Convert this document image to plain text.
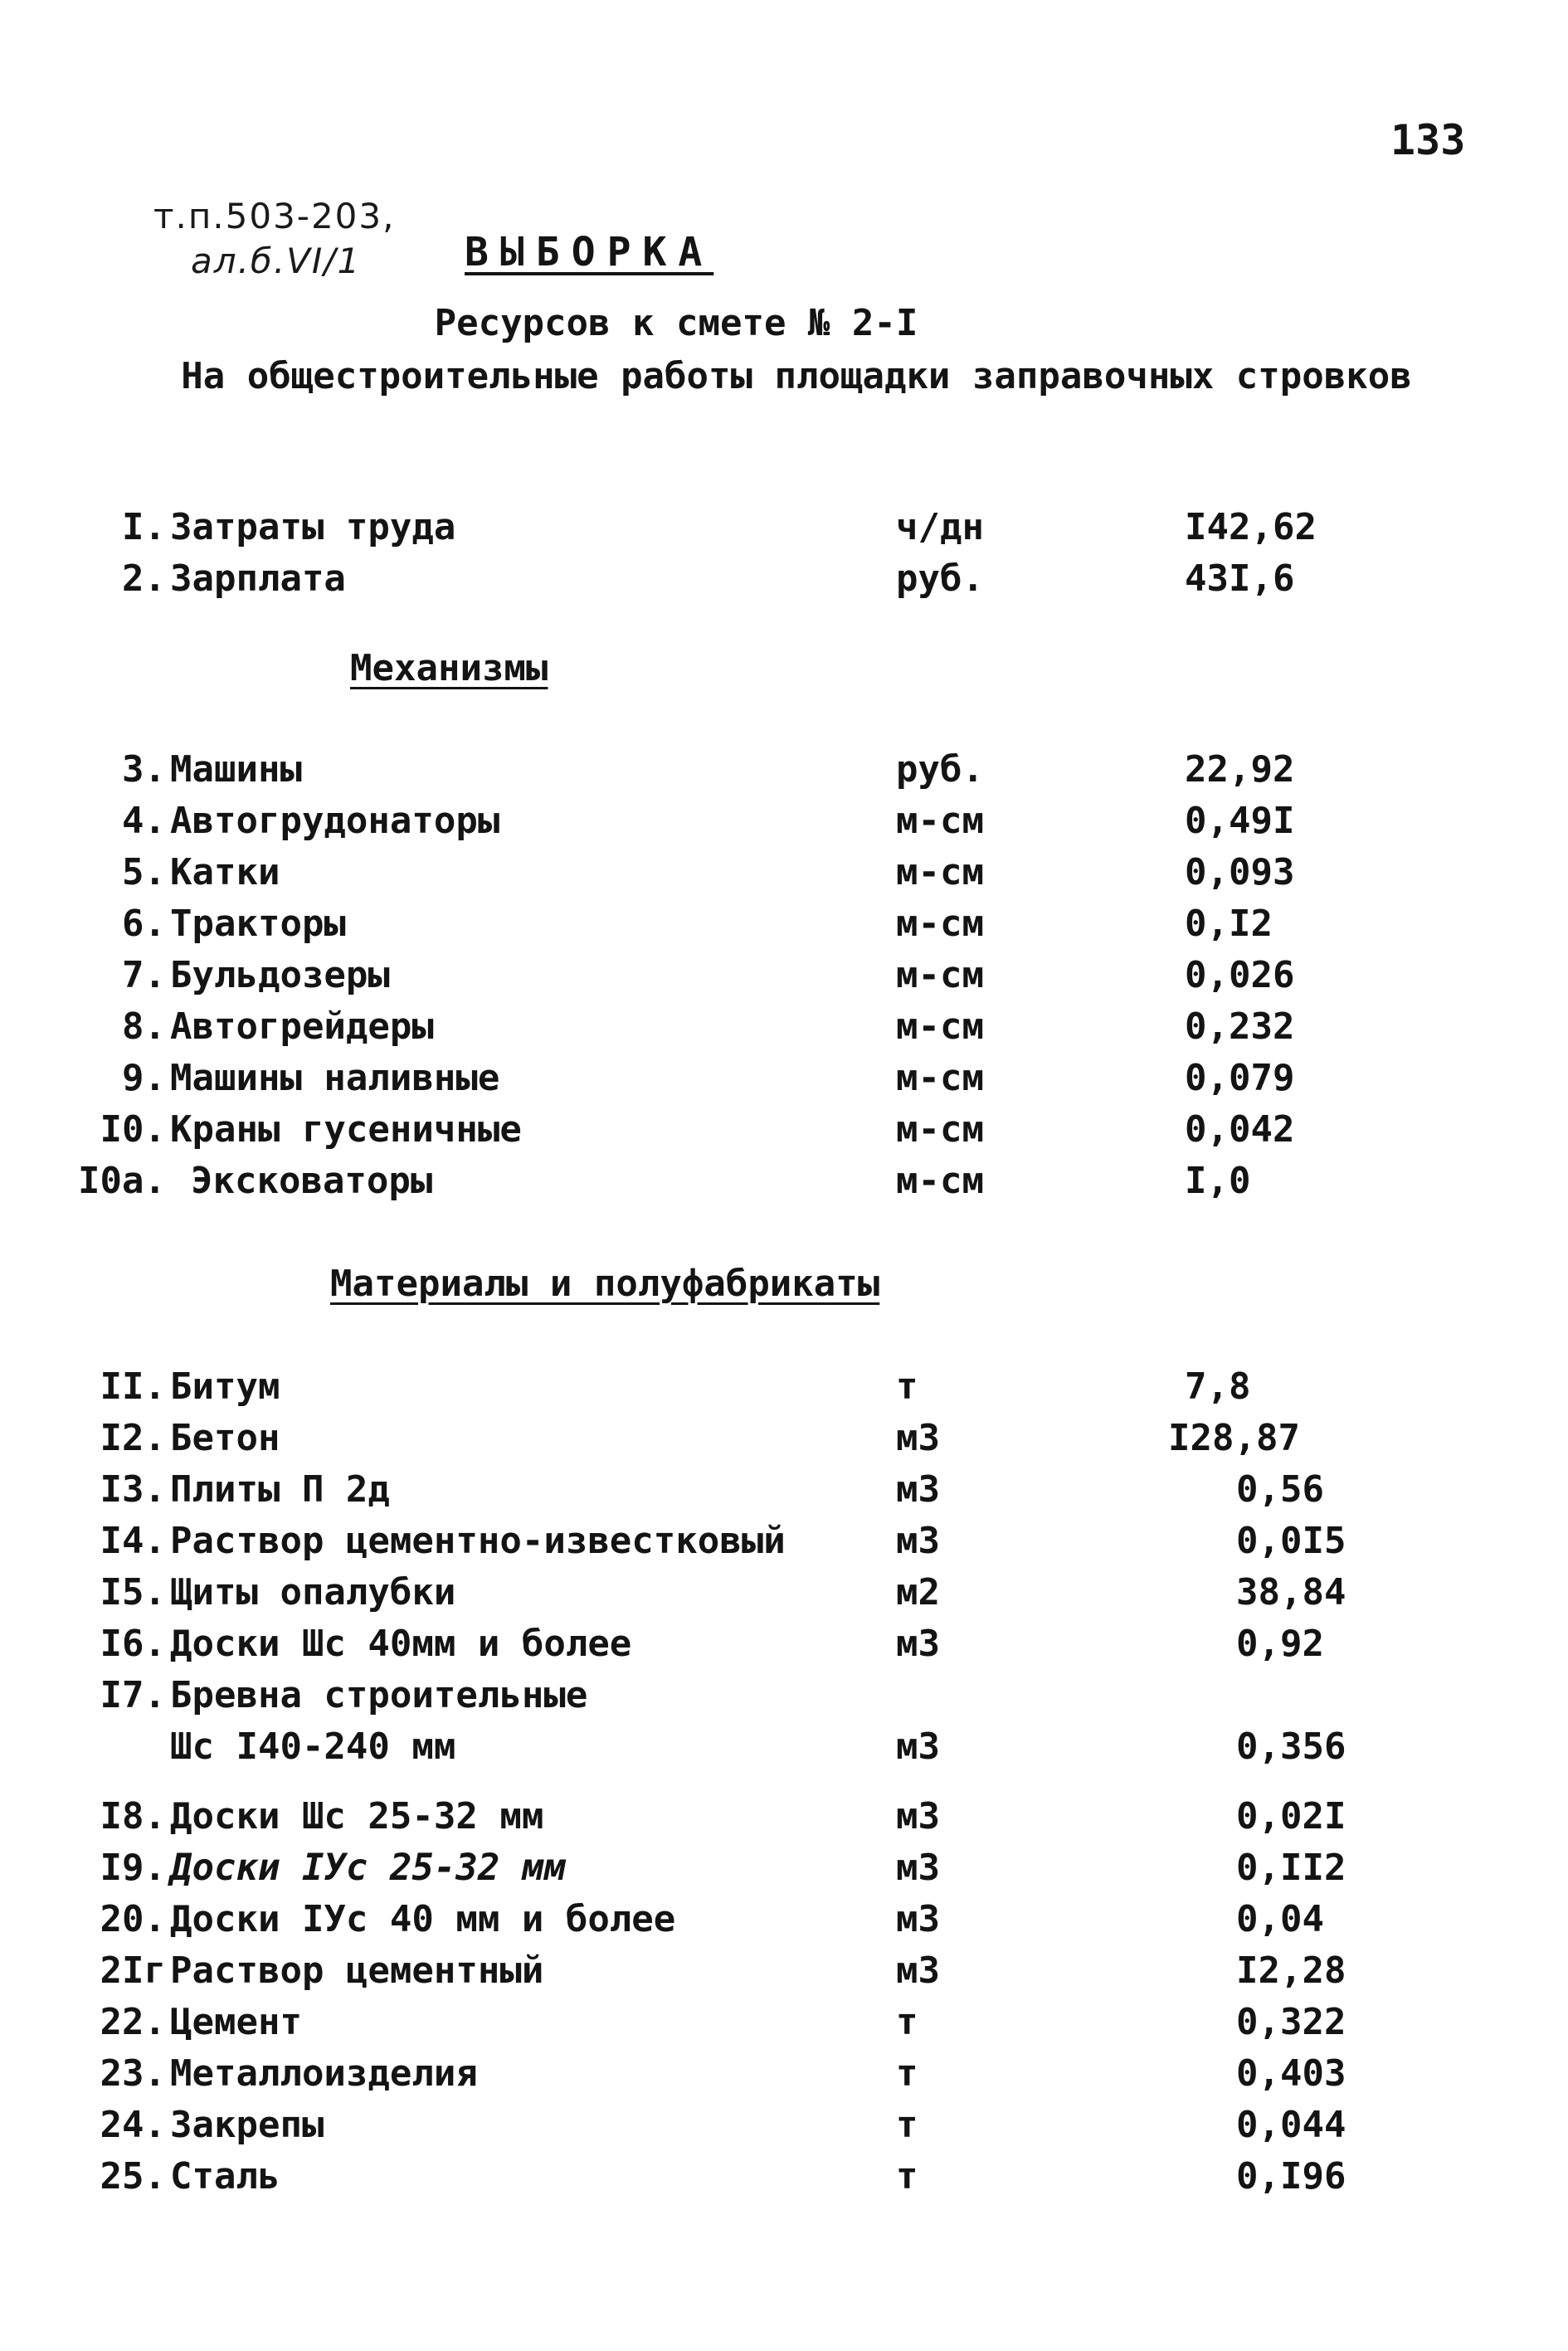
133
т.п.503-203,
ал.б.VI/1	ВЫБОРКА
Ресурсов к смете № 2-I
На общестроительные работы площадки заправочных стровков
I. Затраты труда	ч/дн	I42,62
2. Зарплата	руб.	43I,6
Механизмы
3. Машины	руб.	22,92
4. Автогрудонаторы	м-см	0,49I
5. Катки	м-см	0,093
6. Тракторы	м-см	0,I2
7. Бульдозеры	м-см	0,026
8. Автогрейдеры	м-см	0,232
9. Машины наливные	м-см	0,079
I0. Краны гусеничные	м-см	0,042
I0а. Эксковаторы	м-см	I,0
Материалы и полуфабрикаты
II. Битум	т	7,8
I2. Бетон	м3	I28,87
I3. Плиты П 2д	м3	0,56
I4. Раствор цементно-известковый	м3	0,0I5
I5. Щиты опалубки	м2	38,84
I6. Доски Шс 40мм и более	м3	0,92
I7. Бревна строительные
Шс I40-240 мм	м3	0,356
I8. Доски Шс 25-32 мм	м3	0,02I
I9. Доски IУс 25-32 мм	м3	0,II2
20. Доски IУс 40 мм и более	м3	0,04
2Iг Раствор цементный	м3	I2,28
22. Цемент	т	0,322
23. Металлоизделия	т	0,403
24. Закрепы	т	0,044
25. Сталь	т	0,I96
